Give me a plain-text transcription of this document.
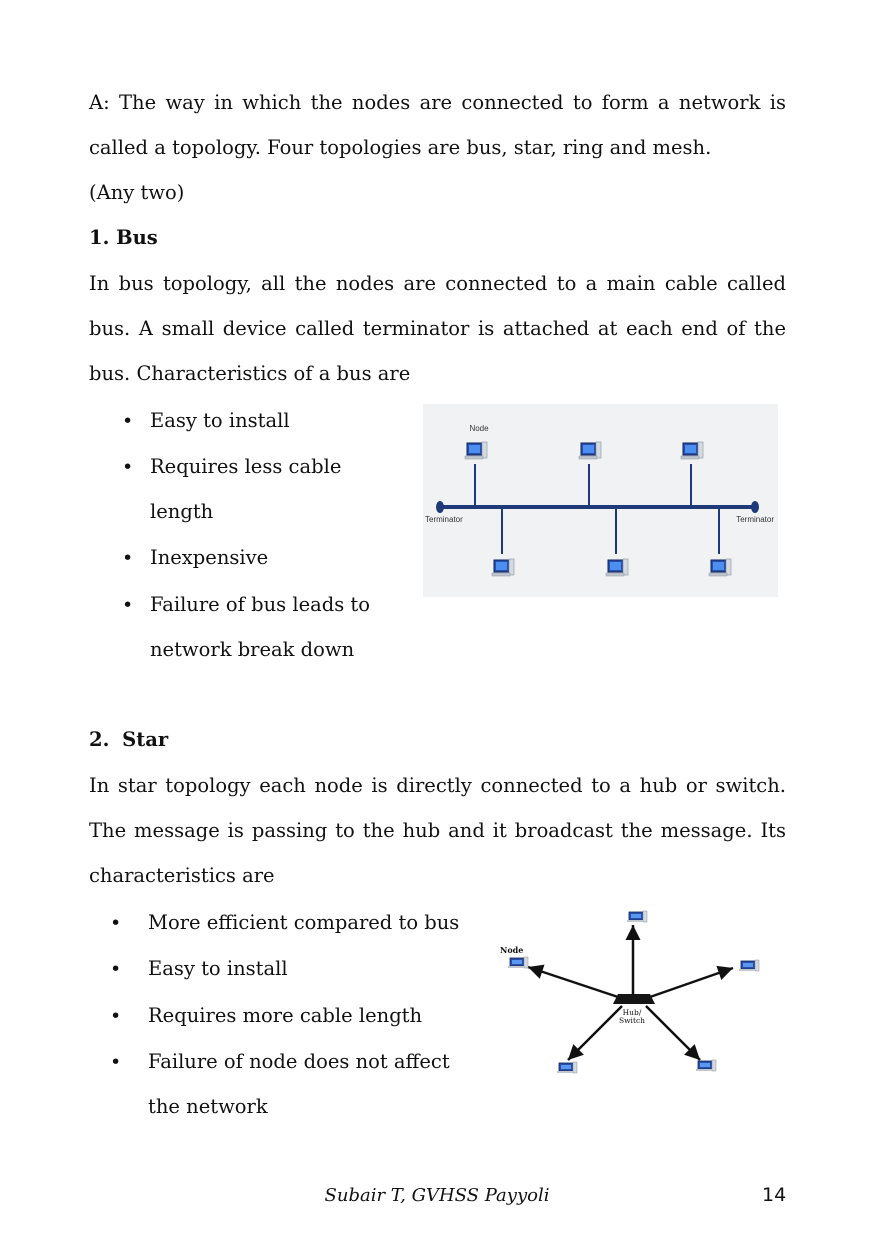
A: The way in which the nodes are connected to form a network is
called a topology. Four topologies are bus, star, ring and mesh.
(Any two)
1. Bus
In bus topology, all the nodes are connected to a main cable called
bus. A small device called terminator is attached at each end of the
bus. Characteristics of a bus are
• Easy to install
• Requires less cable
length
• Inexpensive
• Failure of bus leads to
network break down
Node
Terminator	Terminator
2. Star
In star topology each node is directly connected to a hub or switch.
The message is passing to the hub and it broadcast the message. Its
characteristics are
• More efficient compared to bus
• Easy to install
• Requires more cable length
• Failure of node does not affect
the network
Node
Hub/
Switch
Subair T, GVHSS Payyoli	14
